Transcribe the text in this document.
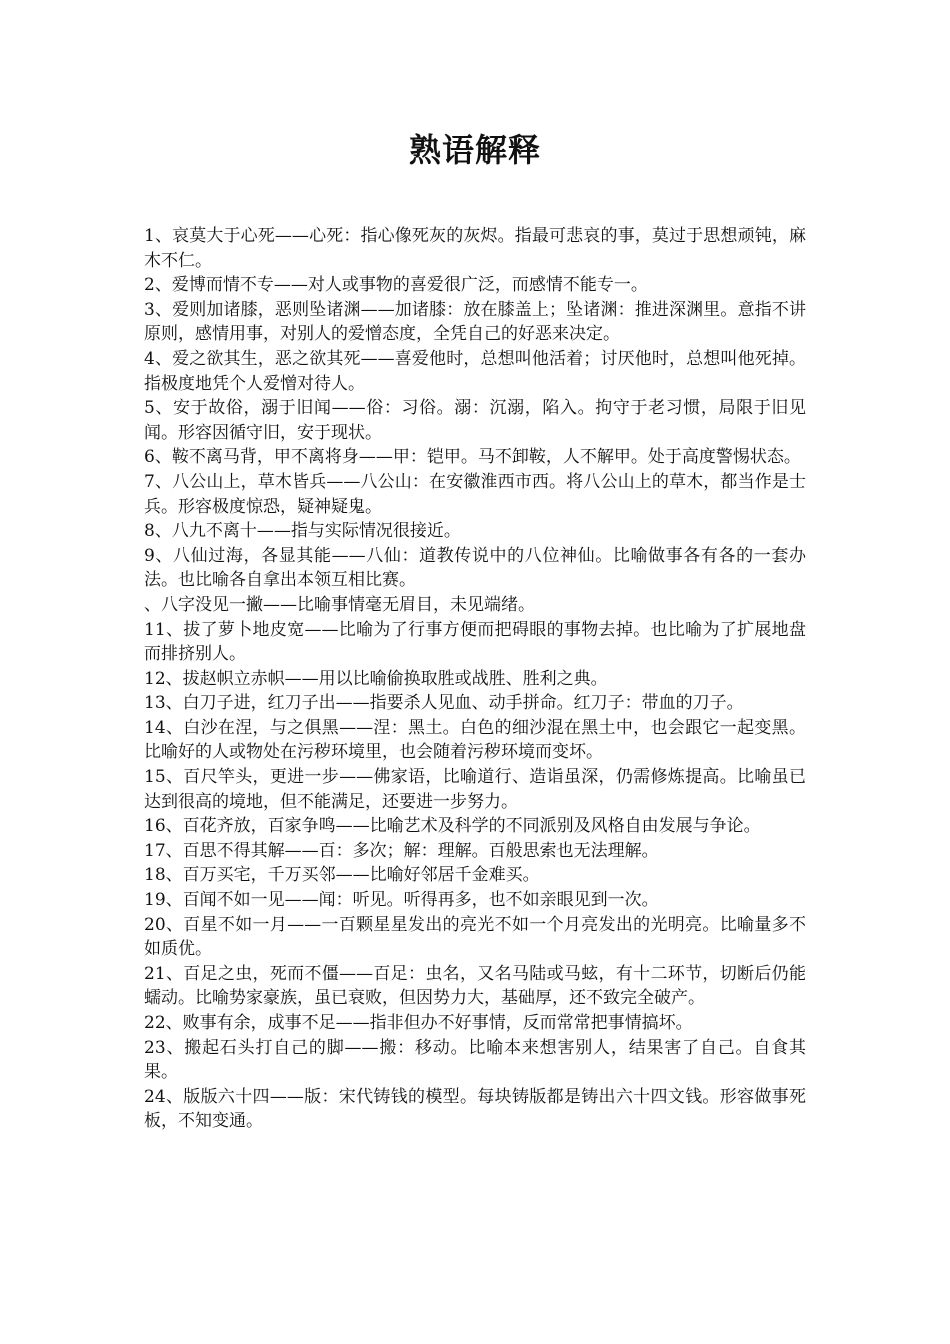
熟语解释

1、哀莫大于心死——心死：指心像死灰的灰烬。指最可悲哀的事，莫过于思想顽钝，麻木不仁。

2、爱博而情不专——对人或事物的喜爱很广泛，而感情不能专一。

3、爱则加诸膝，恶则坠诸渊——加诸膝：放在膝盖上；坠诸渊：推进深渊里。意指不讲原则，感情用事，对别人的爱憎态度，全凭自己的好恶来决定。

4、爱之欲其生，恶之欲其死——喜爱他时，总想叫他活着；讨厌他时，总想叫他死掉。指极度地凭个人爱憎对待人。

5、安于故俗，溺于旧闻——俗：习俗。溺：沉溺，陷入。拘守于老习惯，局限于旧见闻。形容因循守旧，安于现状。

6、鞍不离马背，甲不离将身——甲：铠甲。马不卸鞍，人不解甲。处于高度警惕状态。

7、八公山上，草木皆兵——八公山：在安徽淮西市西。将八公山上的草木，都当作是士兵。形容极度惊恐，疑神疑鬼。

8、八九不离十——指与实际情况很接近。

9、八仙过海，各显其能——八仙：道教传说中的八位神仙。比喻做事各有各的一套办法。也比喻各自拿出本领互相比赛。

、八字没见一撇——比喻事情毫无眉目，未见端绪。

11、拔了萝卜地皮宽——比喻为了行事方便而把碍眼的事物去掉。也比喻为了扩展地盘而排挤别人。

12、拔赵帜立赤帜——用以比喻偷换取胜或战胜、胜利之典。

13、白刀子进，红刀子出——指要杀人见血、动手拼命。红刀子：带血的刀子。

14、白沙在涅，与之俱黑——涅：黑土。白色的细沙混在黑土中，也会跟它一起变黑。比喻好的人或物处在污秽环境里，也会随着污秽环境而变坏。

15、百尺竿头，更进一步——佛家语，比喻道行、造诣虽深，仍需修炼提高。比喻虽已达到很高的境地，但不能满足，还要进一步努力。

16、百花齐放，百家争鸣——比喻艺术及科学的不同派别及风格自由发展与争论。

17、百思不得其解——百：多次；解：理解。百般思索也无法理解。

18、百万买宅，千万买邻——比喻好邻居千金难买。

19、百闻不如一见——闻：听见。听得再多，也不如亲眼见到一次。

20、百星不如一月——一百颗星星发出的亮光不如一个月亮发出的光明亮。比喻量多不如质优。

21、百足之虫，死而不僵——百足：虫名，又名马陆或马蚿，有十二环节，切断后仍能蠕动。比喻势家豪族，虽已衰败，但因势力大，基础厚，还不致完全破产。

22、败事有余，成事不足——指非但办不好事情，反而常常把事情搞坏。

23、搬起石头打自己的脚——搬：移动。比喻本来想害别人，结果害了自己。自食其果。

24、版版六十四——版：宋代铸钱的模型。每块铸版都是铸出六十四文钱。形容做事死板，不知变通。
